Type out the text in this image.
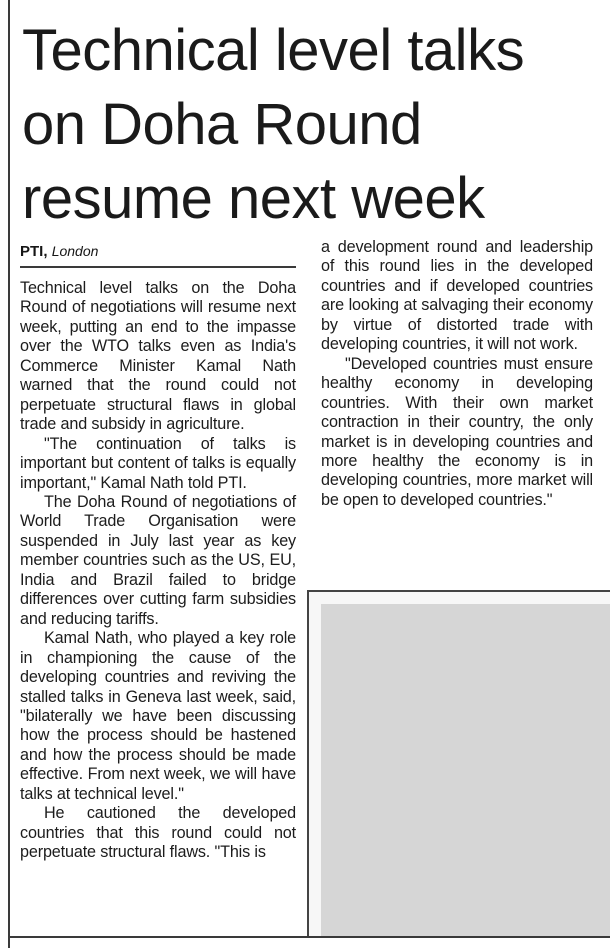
Technical level talks
on Doha Round
resume next week
PTI, London

Technical level talks on the Doha Round of negotiations will resume next week, putting an end to the impasse over the WTO talks even as India's Commerce Minister Kamal Nath warned that the round could not perpetuate structural flaws in global trade and subsidy in agriculture.

"The continuation of talks is important but content of talks is equally important," Kamal Nath told PTI.

The Doha Round of negotiations of World Trade Organisation were suspended in July last year as key member countries such as the US, EU, India and Brazil failed to bridge differences over cutting farm subsidies and reducing tariffs.

Kamal Nath, who played a key role in championing the cause of the developing countries and reviving the stalled talks in Geneva last week, said, "bilaterally we have been discussing how the process should be hastened and how the process should be made effective. From next week, we will have talks at technical level."

He cautioned the developed countries that this round could not perpetuate structural flaws. "This is

a development round and leadership of this round lies in the developed countries and if developed countries are looking at salvaging their economy by virtue of distorted trade with developing countries, it will not work.

"Developed countries must ensure healthy economy in developing countries. With their own market contraction in their country, the only market is in developing countries and more healthy the economy is in developing countries, more market will be open to developed countries."
